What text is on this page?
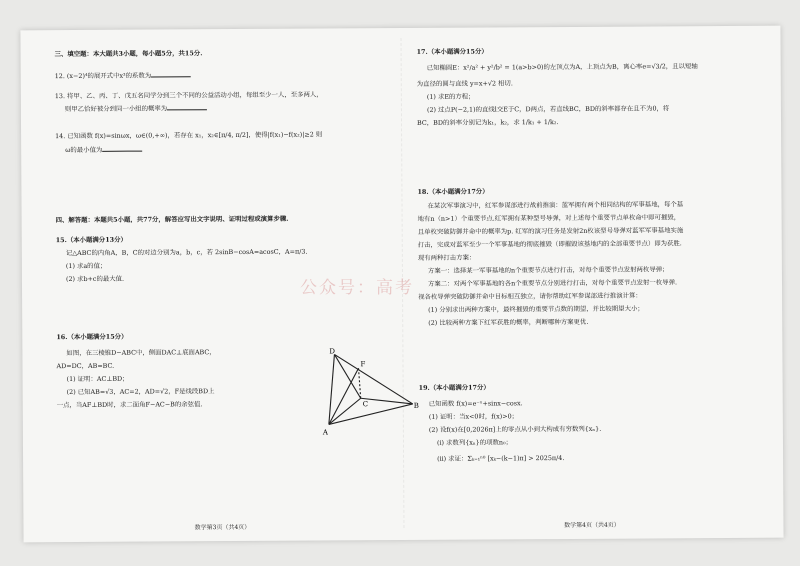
三、填空题：本大题共3小题，每小题5分，共15分.
12. (x−2)⁴的展开式中x³的系数为

13. 将甲、乙、丙、丁、戊五名同学分到三个不同的公益活动小组，每组至少一人，至多两人，

则甲乙恰好被分到同一小组的概率为

14. 已知函数 f(x)=sinωx，ω∈(0,+∞)，若存在 x₁，x₂∈[π/4, π/2]，使得|f(x₁)−f(x₂)|≥2 则

ω的最小值为

四、解答题：本题共5小题，共77分，解答应写出文字说明、证明过程或演算步骤.

15.（本小题满分13分）

记△ABC的内角A，B，C的对边分别为a，b，c，若 2sinB−cosA=acosC，A=π/3.

(1) 求a的值；

(2) 求b+c的最大值.

16.（本小题满分15分）

如图，在三棱锥D−ABC中，侧面DAC⊥底面ABC，

AD=DC，AB=BC.

(1) 证明：AC⊥BD；

(2) 已知AB=√3，AC=2，AD=√2，F是线段BD上

一点，当AF⊥BD时，求二面角F−AC−B的余弦值.

D
F
C
A
B
数学第3页（共4页）

17.（本小题满分15分）

已知椭圆E：x²/a² + y²/b² = 1(a>b>0)的左顶点为A，上顶点为B，离心率e=√3/2，且以短轴

为直径的圆与直线 y=x+√2 相切.

(1) 求E的方程；

(2) 过点P(−2,1)的直线l交E于C，D两点，若直线BC，BD的斜率都存在且不为0，将

BC，BD的斜率分别记为k₁，k₂，求 1/k₁ + 1/k₂.

18.（本小题满分17分）

在某次军事演习中，红军参谋部进行战前推演：蓝军拥有两个相同结构的军事基地，每个基

地有n（n>1）个重要节点.红军拥有某种型号导弹，对上述每个重要节点单枚命中即可摧毁，

且单枚突破防御并命中的概率为p. 红军的演习任务是发射2n枚该型号导弹对蓝军军事基地实施

打击，完成对蓝军至少一个军事基地的彻底摧毁（即摧毁该基地内的全部重要节点）即为获胜.

现有两种打击方案：

方案一：选择某一军事基地的n个重要节点进行打击，对每个重要节点发射两枚导弹；

方案二：对两个军事基地的各n个重要节点分别进行打击，对每个重要节点发射一枚导弹.

视各枚导弹突破防御并命中目标相互独立，请你帮助红军参谋部进行推演计算：

(1) 分别求出两种方案中，最终摧毁的重要节点数的期望，并比较期望大小；

(2) 比较两种方案下红军获胜的概率，判断哪种方案更优.

19.（本小题满分17分）

已知函数 f(x)=e⁻ˣ+sinx−cosx.

(1) 证明：当x<0时，f(x)>0；

(2) 设f(x)在[0,2026π]上的零点从小到大构成有穷数列{xₙ}.

(i) 求数列{xₙ}的项数n₀；

(ii) 求证：Σₖ₌₁ⁿ⁰ [xₖ−(k−1)π] > 2025π/4.

数学第4页（共4页）
公众号：高考
